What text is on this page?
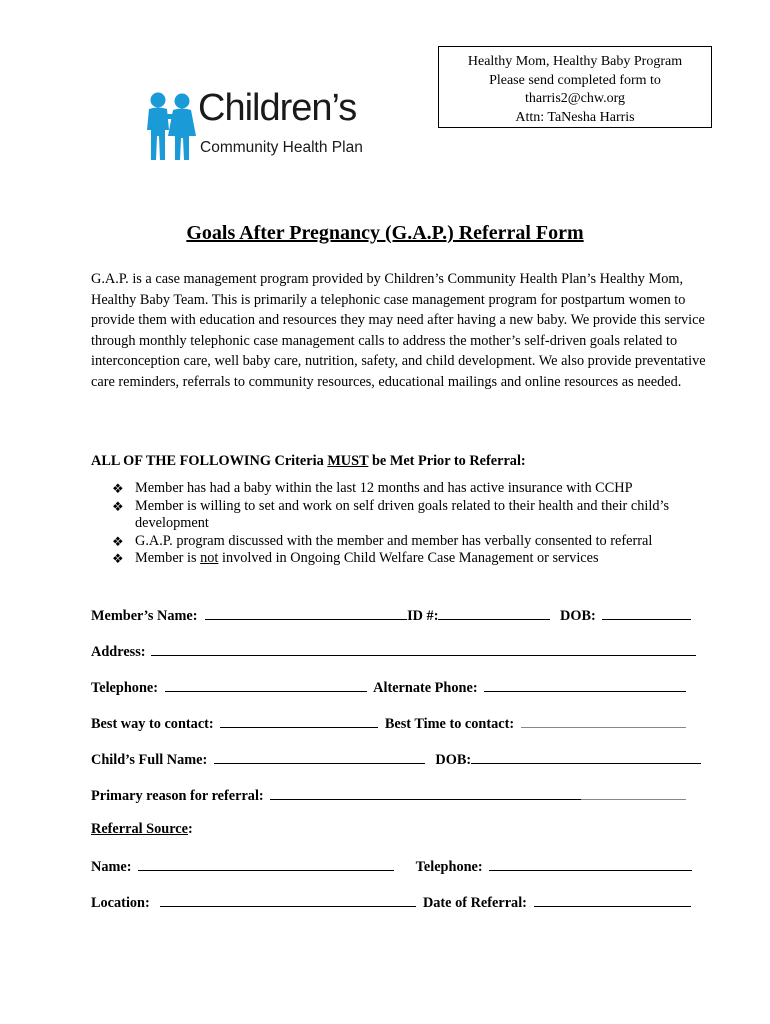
Healthy Mom, Healthy Baby Program
Please send completed form to
tharris2@chw.org
Attn: TaNesha Harris
Children’s
Community Health Plan
Goals After Pregnancy (G.A.P.) Referral Form
G.A.P. is a case management program provided by Children’s Community Health Plan’s Healthy Mom, Healthy Baby Team. This is primarily a telephonic case management program for postpartum women to provide them with education and resources they may need after having a new baby. We provide this service through monthly telephonic case management calls to address the mother’s self-driven goals related to interconception care, well baby care, nutrition, safety, and child development. We also provide preventative care reminders, referrals to community resources, educational mailings and online resources as needed.
ALL OF THE FOLLOWING Criteria MUST be Met Prior to Referral:
❖ Member has had a baby within the last 12 months and has active insurance with CCHP
❖ Member is willing to set and work on self driven goals related to their health and their child’s development
❖ G.A.P. program discussed with the member and member has verbally consented to referral
❖ Member is not involved in Ongoing Child Welfare Case Management or services
Member’s Name:	ID #:	DOB:
Address:
Telephone:	Alternate Phone:
Best way to contact:	Best Time to contact:
Child’s Full Name:	DOB:
Primary reason for referral:
Referral Source:
Name:	Telephone:
Location:	Date of Referral:
